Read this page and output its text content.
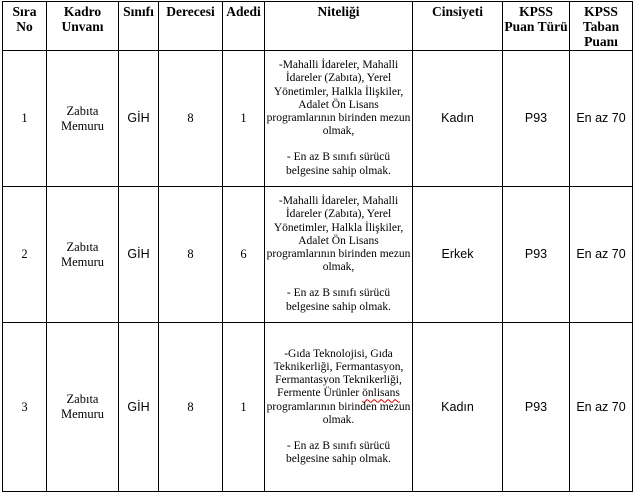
Sıra No	Kadro Unvanı	Sınıfı	Derecesi	Adedi	Niteliği	Cinsiyeti	KPSS Puan Türü	KPSS Taban Puanı
1	Zabıta Memuru	GİH	8	1	-Mahalli İdareler, Mahalli İdareler (Zabıta), Yerel Yönetimler, Halkla İlişkiler, Adalet Ön Lisans programlarının birinden mezun olmak,
- En az B sınıfı sürücü belgesine sahip olmak.	Kadın	P93	En az 70
2	Zabıta Memuru	GİH	8	6	-Mahalli İdareler, Mahalli İdareler (Zabıta), Yerel Yönetimler, Halkla İlişkiler, Adalet Ön Lisans programlarının birinden mezun olmak,
- En az B sınıfı sürücü belgesine sahip olmak.	Erkek	P93	En az 70
3	Zabıta Memuru	GİH	8	1	-Gıda Teknolojisi, Gıda Teknikerliği, Fermantasyon, Fermantasyon Teknikerliği, Fermente Ürünler önlisans programlarının birinden mezun olmak.
- En az B sınıfı sürücü belgesine sahip olmak.	Kadın	P93	En az 70
